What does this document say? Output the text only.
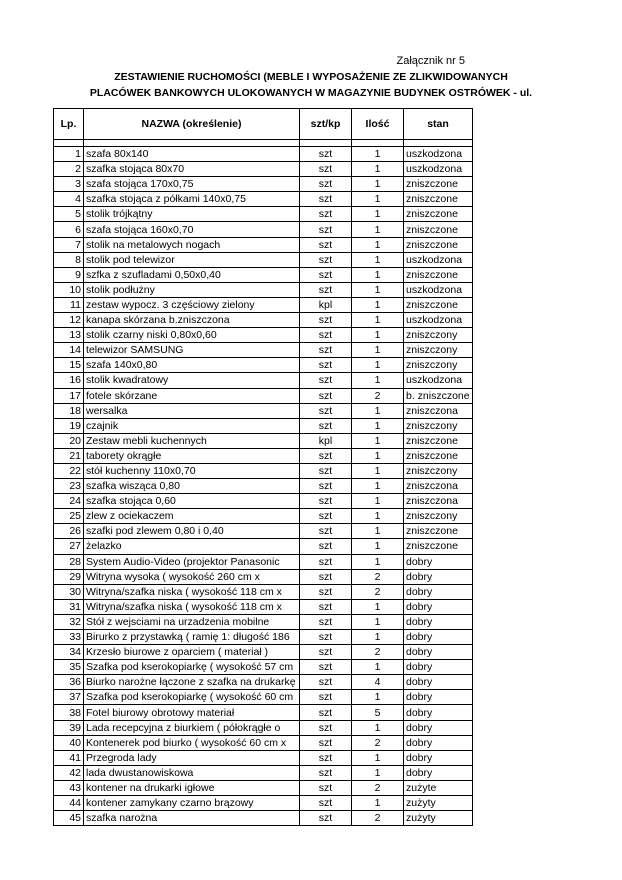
Załącznik nr 5
ZESTAWIENIE RUCHOMOŚCI (MEBLE I WYPOSAŻENIE ZE ZLIKWIDOWANYCH
PLACÓWEK BANKOWYCH ULOKOWANYCH W MAGAZYNIE BUDYNEK OSTRÓWEK - ul.
Lp.	NAZWA (określenie)	szt/kp	Ilość	stan

1	szafa 80x140	szt	1	uszkodzona
2	szafka stojąca 80x70	szt	1	uszkodzona
3	szafa stojąca 170x0,75	szt	1	zniszczone
4	szafka stojąca z półkami 140x0,75	szt	1	zniszczone
5	stolik trójkątny	szt	1	zniszczone
6	szafa stojąca 160x0,70	szt	1	zniszczone
7	stolik na metalowych nogach	szt	1	zniszczone
8	stolik pod telewizor	szt	1	uszkodzona
9	szfka z szufladami 0,50x0,40	szt	1	zniszczone
10	stolik podłużny	szt	1	uszkodzona
11	zestaw wypocz. 3 częściowy zielony	kpl	1	zniszczone
12	kanapa skórzana b.zniszczona	szt	1	uszkodzona
13	stolik czarny niski 0,80x0,60	szt	1	zniszczony
14	telewizor SAMSUNG	szt	1	zniszczony
15	szafa 140x0,80	szt	1	zniszczony
16	stolik kwadratowy	szt	1	uszkodzona
17	fotele skórzane	szt	2	b. zniszczone
18	wersalka	szt	1	zniszczona
19	czajnik	szt	1	zniszczony
20	Zestaw mebli kuchennych	kpl	1	zniszczone
21	taborety okrągłe	szt	1	zniszczone
22	stół kuchenny 110x0,70	szt	1	zniszczony
23	szafka wisząca 0,80	szt	1	zniszczona
24	szafka stojąca 0,60	szt	1	zniszczona
25	zlew z ociekaczem	szt	1	zniszczony
26	szafki pod zlewem 0,80 i 0,40	szt	1	zniszczone
27	żelazko	szt	1	zniszczone
28	System Audio-Video (projektor Panasonic	szt	1	dobry
29	Witryna wysoka ( wysokość 260 cm x	szt	2	dobry
30	Witryna/szafka niska ( wysokość 118 cm x	szt	2	dobry
31	Witryna/szafka niska ( wysokość 118 cm x	szt	1	dobry
32	Stół z wejsciami na urzadzenia mobilne	szt	1	dobry
33	Birurko z przystawką ( ramię 1: długość 186	szt	1	dobry
34	Krzesło biurowe z oparciem ( materiał )	szt	2	dobry
35	Szafka pod kserokopiarkę ( wysokość 57 cm	szt	1	dobry
36	Biurko narożne łączone z szafka na drukarkę	szt	4	dobry
37	Szafka pod kserokopiarkę ( wysokość 60 cm	szt	1	dobry
38	Fotel biurowy obrotowy materiał	szt	5	dobry
39	Lada recepcyjna z biurkiem ( półokrągłe o	szt	1	dobry
40	Kontenerek pod biurko ( wysokość 60 cm x	szt	2	dobry
41	Przegroda lady	szt	1	dobry
42	lada dwustanowiskowa	szt	1	dobry
43	kontener na drukarki igłowe	szt	2	zużyte
44	kontener zamykany czarno brązowy	szt	1	zużyty
45	szafka narożna	szt	2	zużyty
